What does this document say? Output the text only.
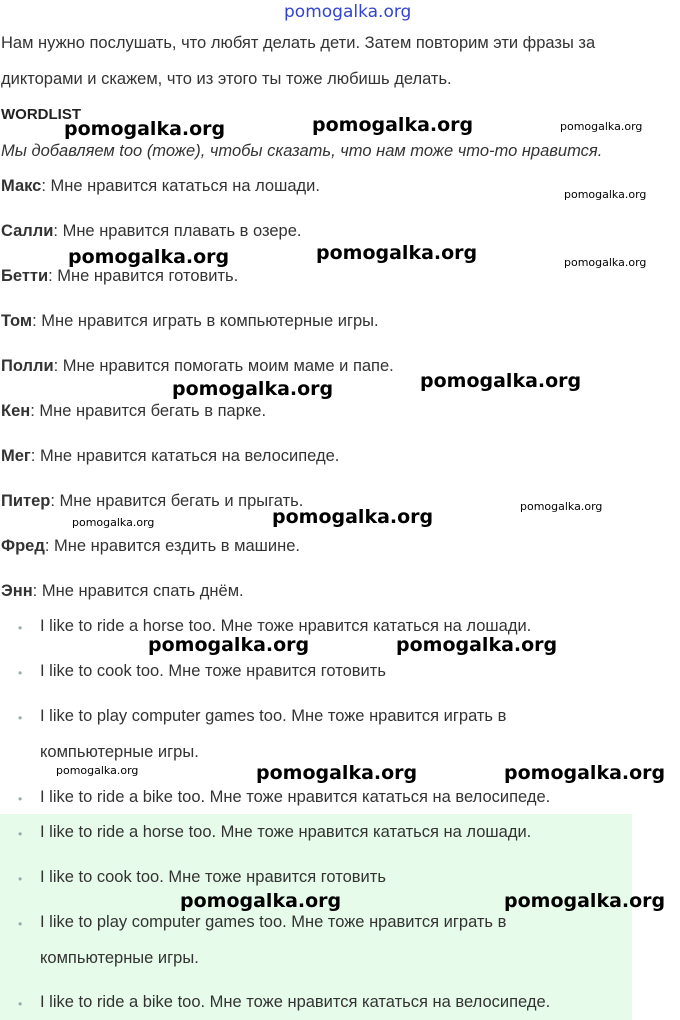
pomogalka.org
Нам нужно послушать, что любят делать дети. Затем повторим эти фразы за
дикторами и скажем, что из этого ты тоже любишь делать.
WORDLIST
Мы добавляем too (тоже), чтобы сказать, что нам тоже что-то нравится.
Макс: Мне нравится кататься на лошади.
Салли: Мне нравится плавать в озере.
Бетти: Мне нравится готовить.
Том: Мне нравится играть в компьютерные игры.
Полли: Мне нравится помогать моим маме и папе.
Кен: Мне нравится бегать в парке.
Мег: Мне нравится кататься на велосипеде.
Питер: Мне нравится бегать и прыгать.
Фред: Мне нравится ездить в машине.
Энн: Мне нравится спать днём.
• I like to ride a horse too. Мне тоже нравится кататься на лошади.
• I like to cook too. Мне тоже нравится готовить
• I like to play computer games too. Мне тоже нравится играть в
компьютерные игры.
• I like to ride a bike too. Мне тоже нравится кататься на велосипеде.
• I like to ride a horse too. Мне тоже нравится кататься на лошади.
• I like to cook too. Мне тоже нравится готовить
• I like to play computer games too. Мне тоже нравится играть в
компьютерные игры.
• I like to ride a bike too. Мне тоже нравится кататься на велосипеде.
pomogalka.org	pomogalka.org	pomogalka.org
pomogalka.org
pomogalka.org	pomogalka.org	pomogalka.org
pomogalka.org	pomogalka.org
pomogalka.org
pomogalka.org	pomogalka.org
pomogalka.org	pomogalka.org
pomogalka.org	pomogalka.org	pomogalka.org
pomogalka.org	pomogalka.org
